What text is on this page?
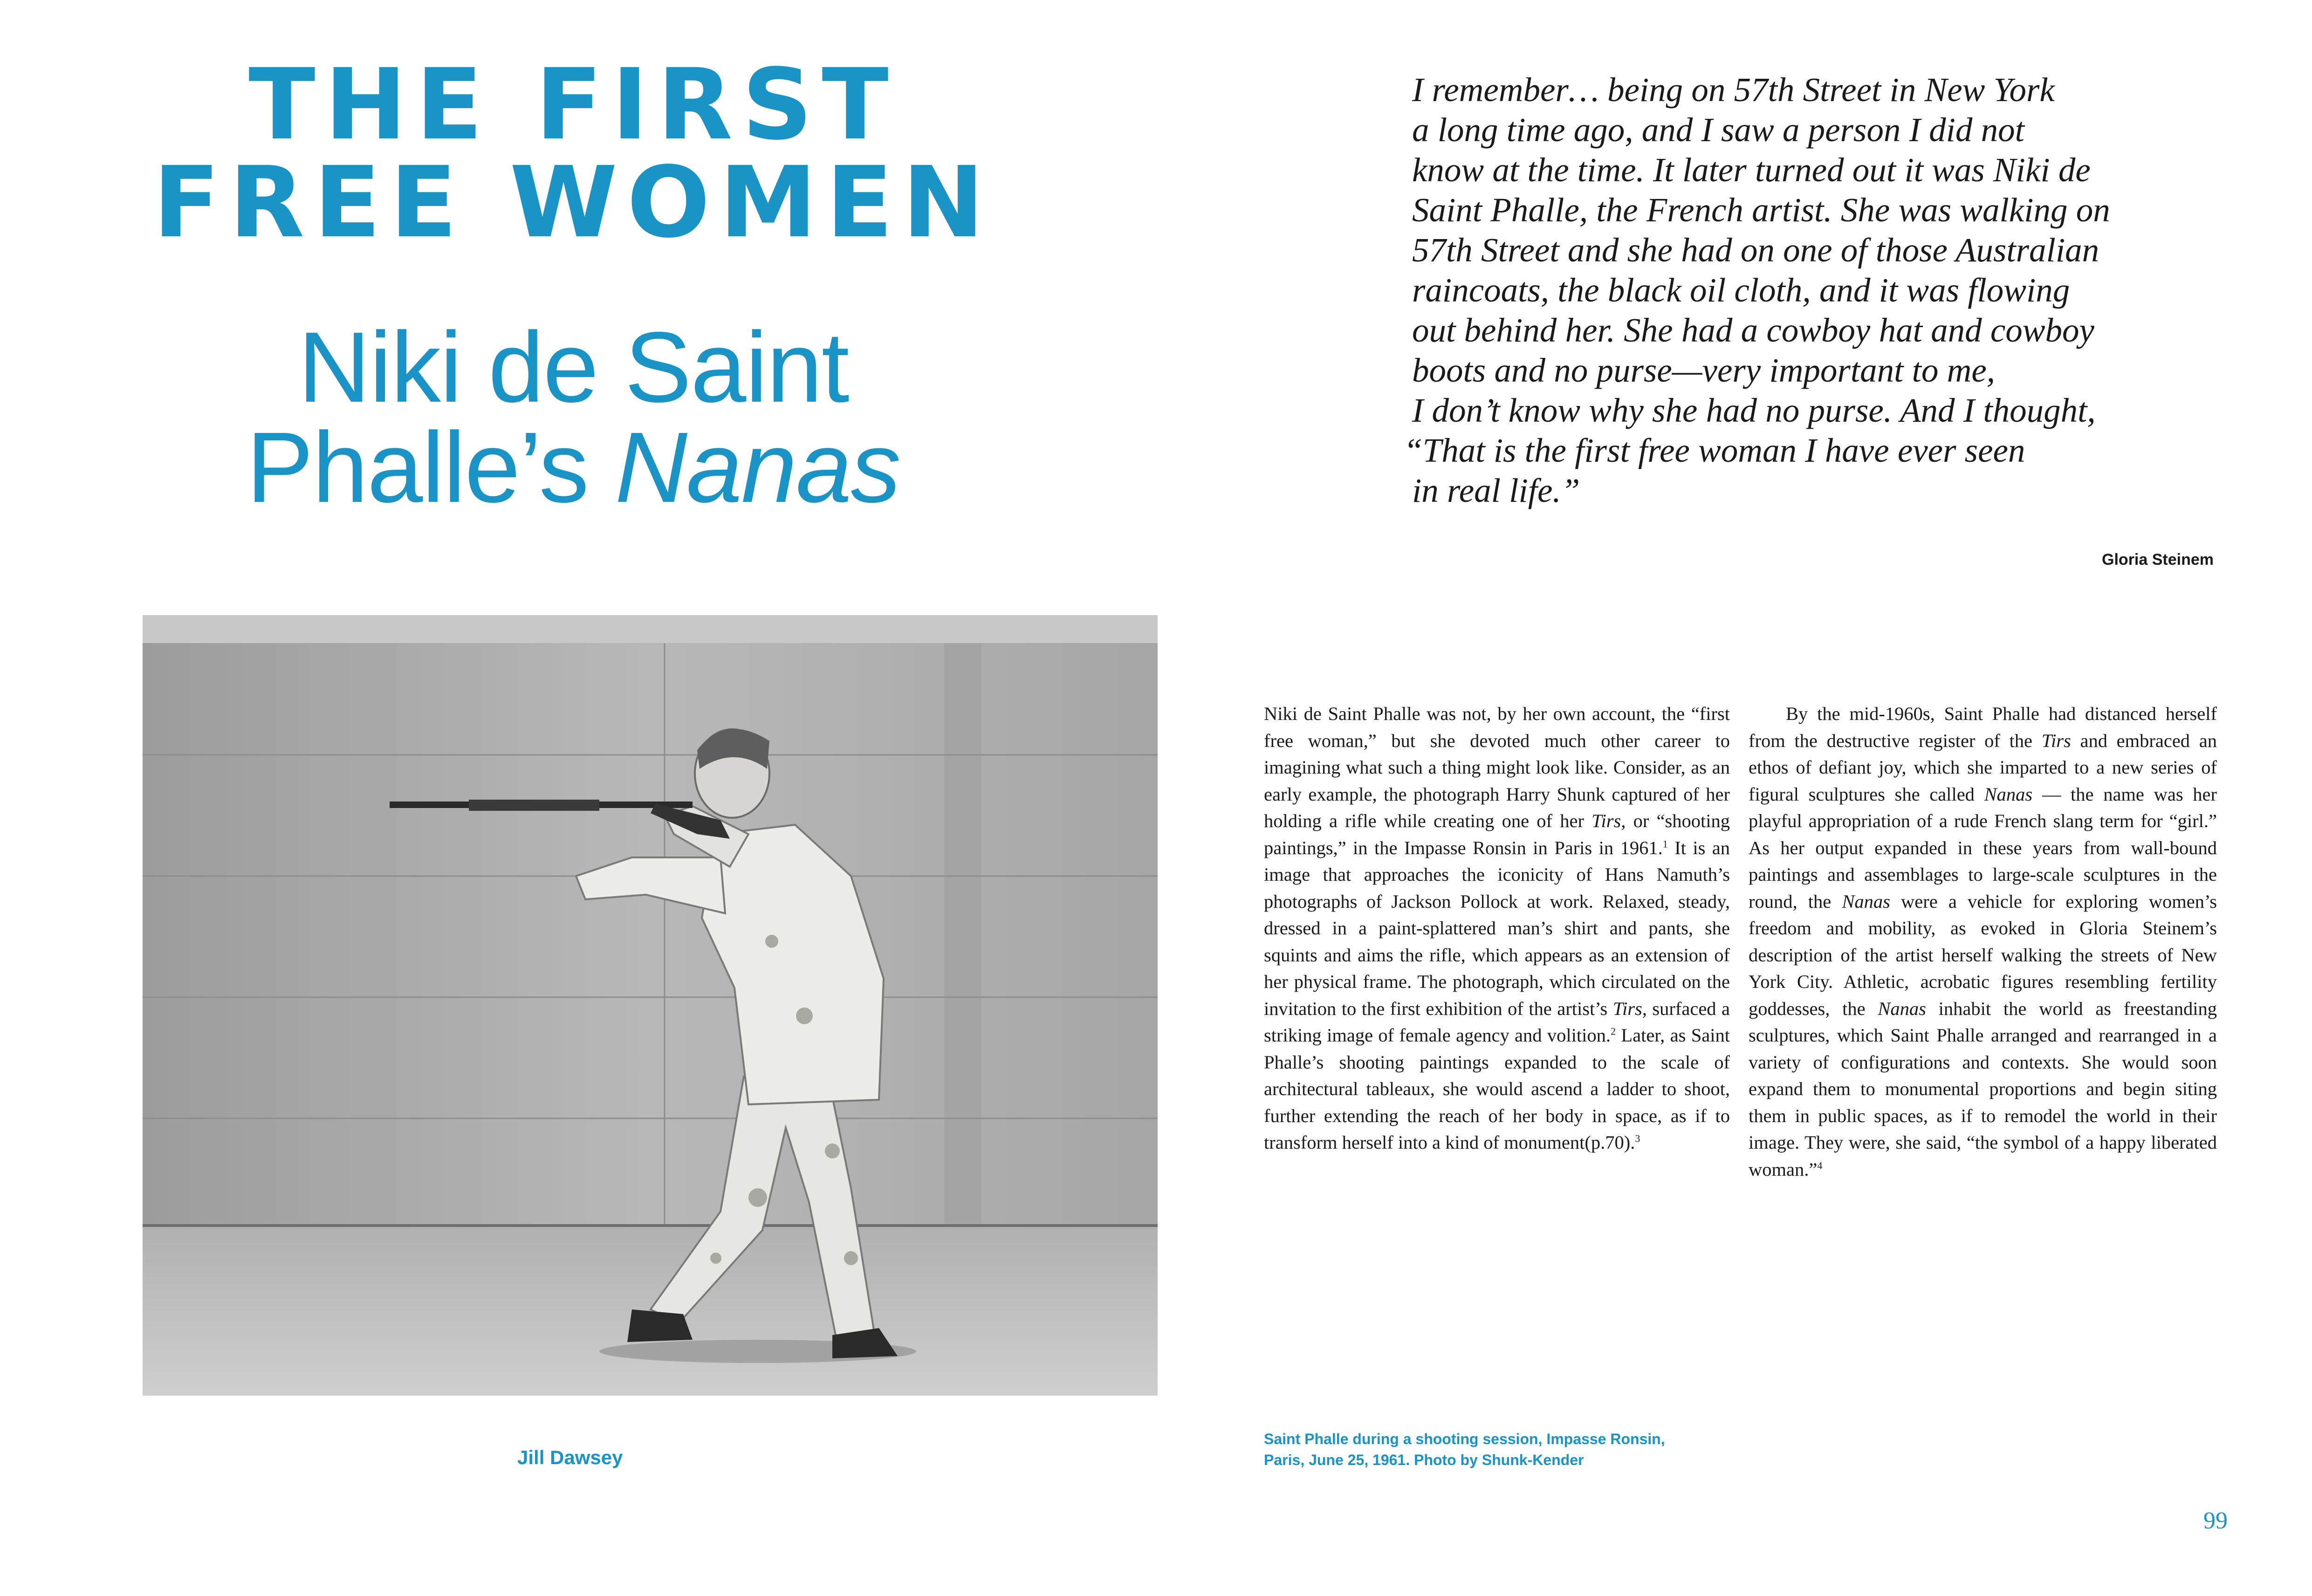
THE FIRST
FREE WOMEN
Niki de Saint
Phalle’s Nanas
I remember… being on 57th Street in New York
a long time ago, and I saw a person I did not
know at the time. It later turned out it was Niki de
Saint Phalle, the French artist. She was walking on
57th Street and she had on one of those Australian
raincoats, the black oil cloth, and it was flowing
out behind her. She had a cowboy hat and cowboy
boots and no purse—very important to me,
I don’t know why she had no purse. And I thought,
“That is the first free woman I have ever seen
in real life.”
Gloria Steinem
Jill Dawsey
Saint Phalle during a shooting session, Impasse Ronsin,
Paris, June 25, 1961. Photo by Shunk-Kender

Niki de Saint Phalle was not, by her own account, the “first free woman,” but she devoted much other career to imagining what such a thing might look like. Consider, as an early example, the photograph Harry Shunk captured of her holding a rifle while creating one of her Tirs, or “shooting paintings,” in the Impasse Ronsin in Paris in 1961.$^1$ It is an image that approaches the iconicity of Hans Namuth’s photographs of Jackson Pollock at work. Relaxed, steady, dressed in a paint-splattered man’s shirt and pants, she squints and aims the rifle, which appears as an extension of her physical frame. The photograph, which circulated on the invitation to the first exhibition of the artist’s Tirs, surfaced a striking image of female agency and volition.$^2$ Later, as Saint Phalle’s shooting paintings expanded to the scale of architectural tableaux, she would ascend a ladder to shoot, further extending the reach of her body in space, as if to transform herself into a kind of monument(p.70).$^3$

By the mid-1960s, Saint Phalle had distanced herself from the destructive register of the Tirs and embraced an ethos of defiant joy, which she imparted to a new series of figural sculptures she called Nanas — the name was her playful appropriation of a rude French slang term for “girl.” As her output expanded in these years from wall-bound paintings and assemblages to large-scale sculptures in the round, the Nanas were a vehicle for exploring women’s freedom and mobility, as evoked in Gloria Steinem’s description of the artist herself walking the streets of New York City. Athletic, acrobatic figures resembling fertility goddesses, the Nanas inhabit the world as freestanding sculptures, which Saint Phalle arranged and rearranged in a variety of configurations and contexts. She would soon expand them to monumental proportions and begin siting them in public spaces, as if to remodel the world in their image. They were, she said, “the symbol of a happy liberated woman.”$^4$

99
